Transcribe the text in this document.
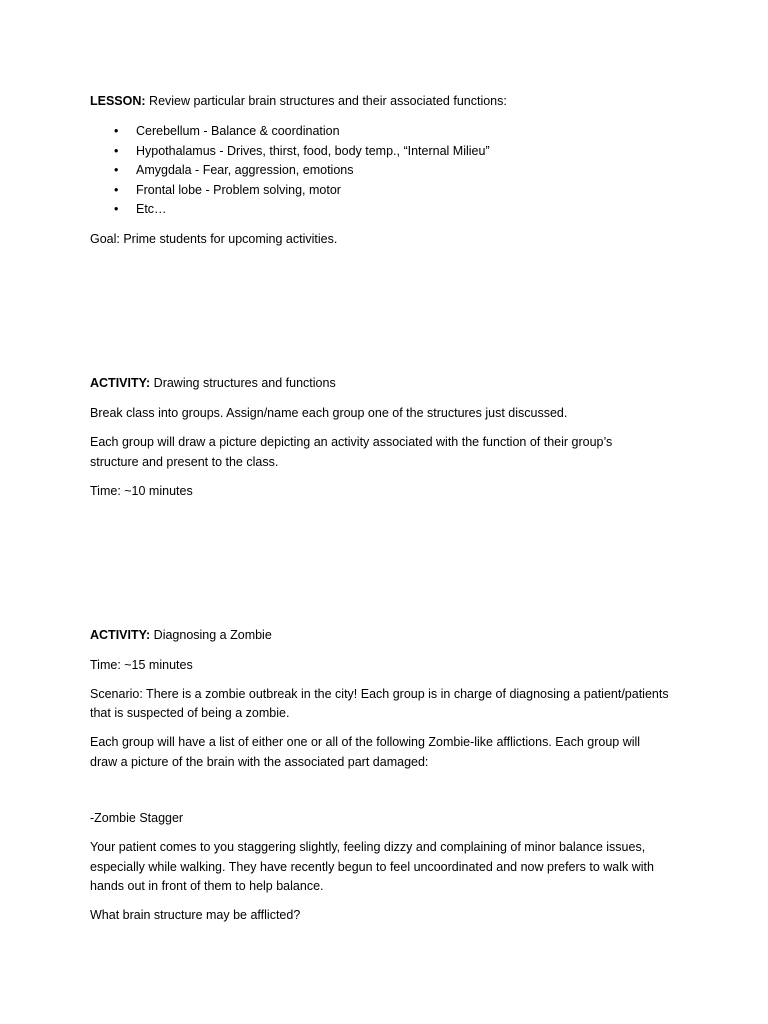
LESSON: Review particular brain structures and their associated functions:

• Cerebellum - Balance & coordination
• Hypothalamus - Drives, thirst, food, body temp., “Internal Milieu”
• Amygdala - Fear, aggression, emotions
• Frontal lobe - Problem solving, motor
• Etc…

Goal: Prime students for upcoming activities.

ACTIVITY: Drawing structures and functions

Break class into groups. Assign/name each group one of the structures just discussed.

Each group will draw a picture depicting an activity associated with the function of their group’s

structure and present to the class.

Time: ~10 minutes

ACTIVITY: Diagnosing a Zombie

Time: ~15 minutes

Scenario: There is a zombie outbreak in the city! Each group is in charge of diagnosing a patient/patients

that is suspected of being a zombie.

Each group will have a list of either one or all of the following Zombie-like afflictions. Each group will

draw a picture of the brain with the associated part damaged:

-Zombie Stagger

Your patient comes to you staggering slightly, feeling dizzy and complaining of minor balance issues,

especially while walking. They have recently begun to feel uncoordinated and now prefers to walk with

hands out in front of them to help balance.

What brain structure may be afflicted?
